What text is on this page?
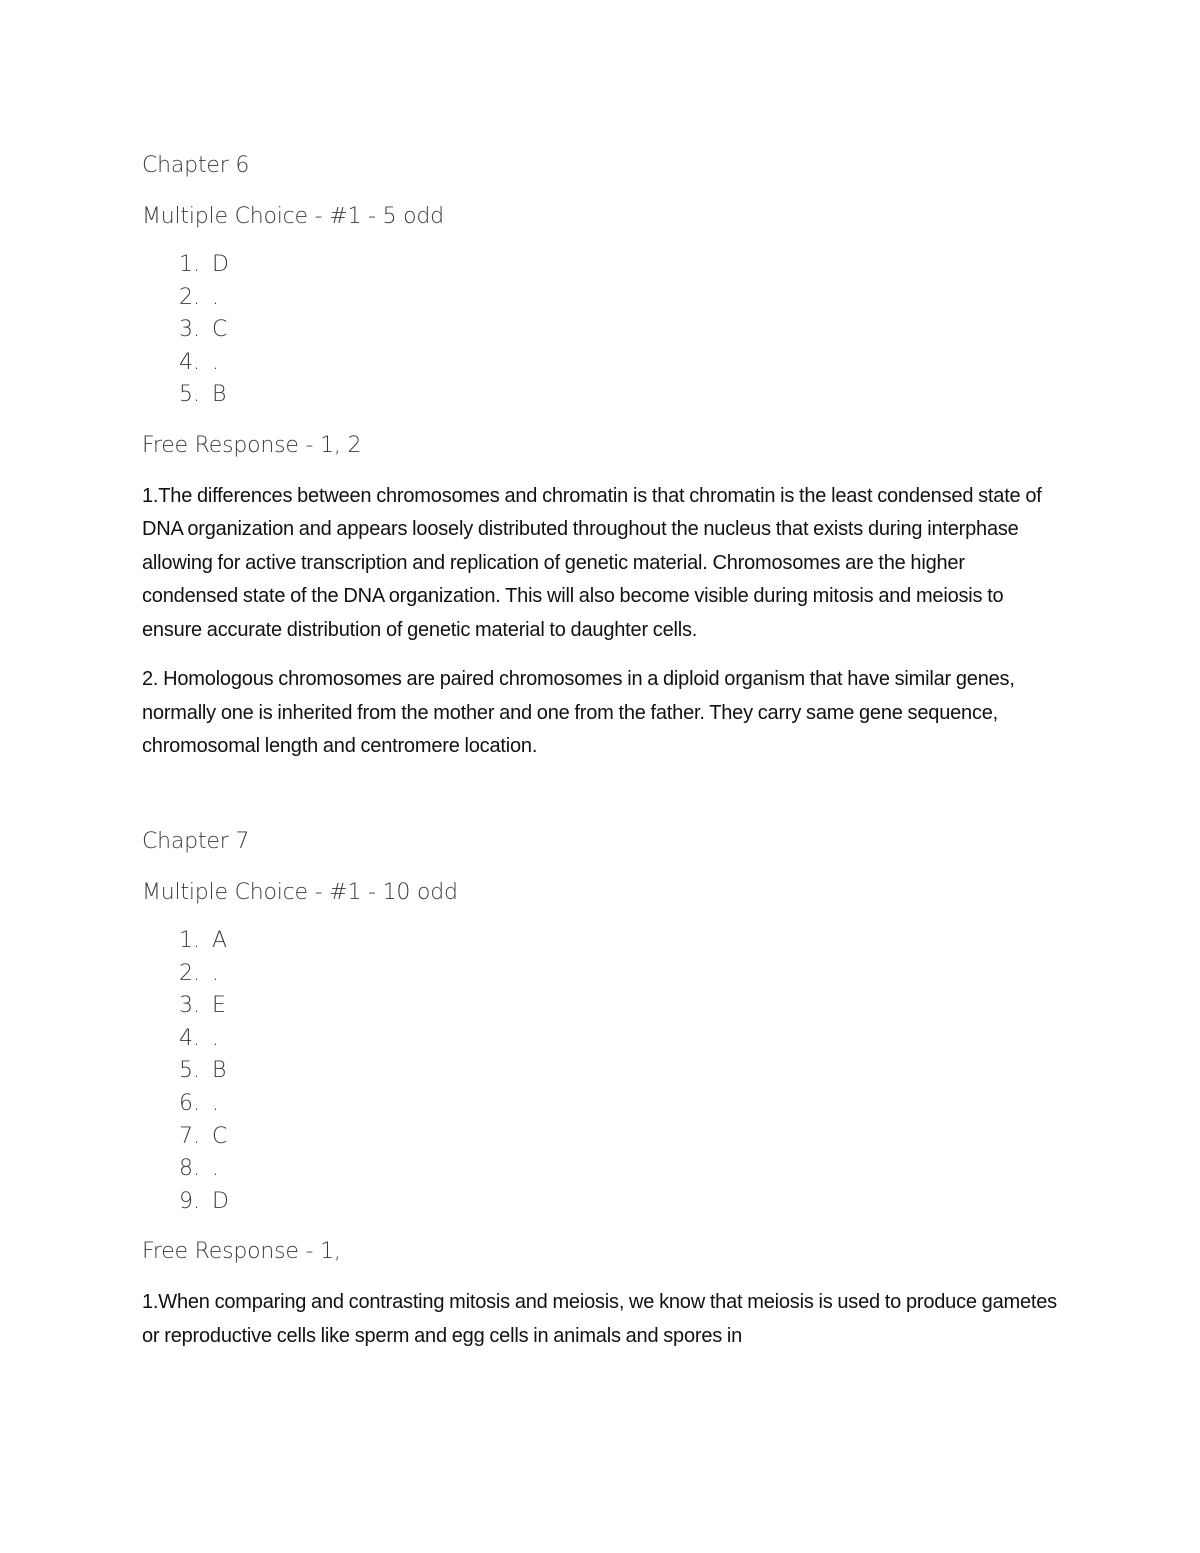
Chapter 6
Multiple Choice - #1 - 5 odd
1. D
2. .
3. C
4. .
5. B
Free Response - 1, 2

1.The differences between chromosomes and chromatin is that chromatin is the least condensed state of DNA organization and appears loosely distributed throughout the nucleus that exists during interphase allowing for active transcription and replication of genetic material. Chromosomes are the higher condensed state of the DNA organization. This will also become visible during mitosis and meiosis to ensure accurate distribution of genetic material to daughter cells.

2. Homologous chromosomes are paired chromosomes in a diploid organism that have similar genes, normally one is inherited from the mother and one from the father. They carry same gene sequence, chromosomal length and centromere location.

Chapter 7
Multiple Choice - #1 - 10 odd
1. A
2. .
3. E
4. .
5. B
6. .
7. C
8. .
9. D
Free Response - 1,

1.When comparing and contrasting mitosis and meiosis, we know that meiosis is used to produce gametes or reproductive cells like sperm and egg cells in animals and spores in
